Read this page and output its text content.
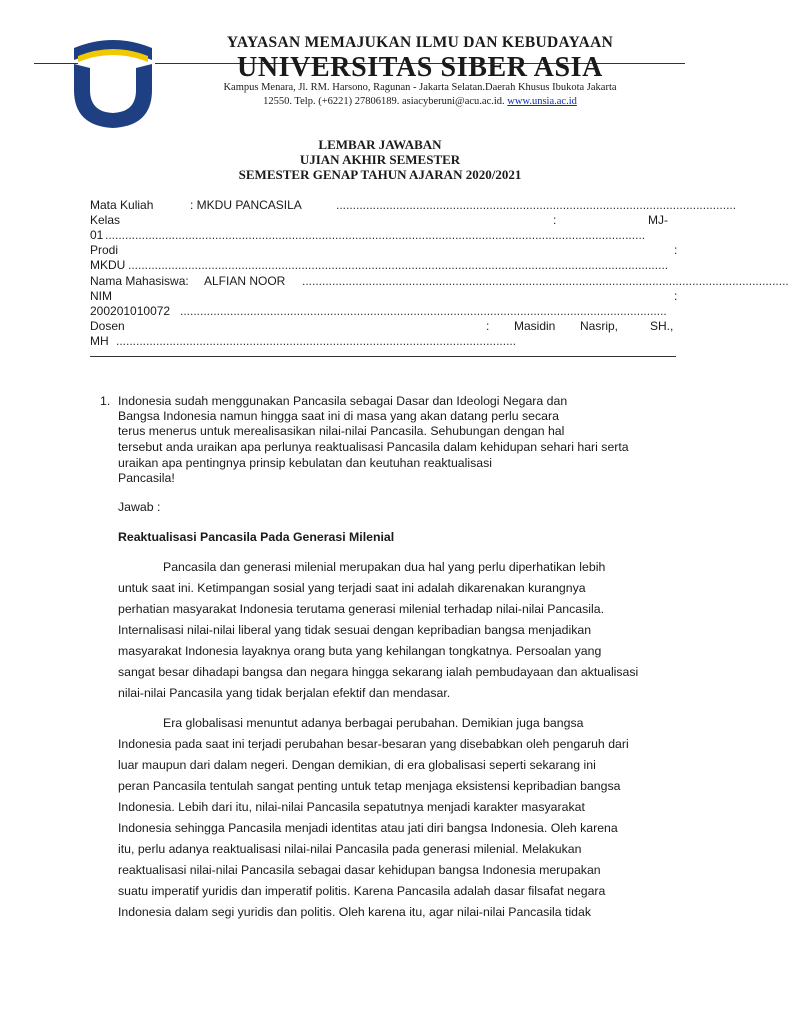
YAYASAN MEMAJUKAN ILMU DAN KEBUDAYAAN
UNIVERSITAS SIBER ASIA
Kampus Menara, Jl. RM. Harsono, Ragunan - Jakarta Selatan.Daerah Khusus Ibukota Jakarta
12550. Telp. (+6221) 27806189. asiacyberuni@acu.ac.id. www.unsia.ac.id
LEMBAR JAWABAN
UJIAN AKHIR SEMESTER
SEMESTER GENAP TAHUN AJARAN 2020/2021
Mata Kuliah	: MKDU PANCASILA	........................................................................................................................
Kelas	:	MJ-
01 ..................................................................................................................................................................
Prodi	:
MKDU ..................................................................................................................................................................
Nama Mahasiswa: ALFIAN NOOR ..................................................................................................................................................
NIM	:
200201010072 ..................................................................................................................................................
Dosen	: Masidin Nasrip,	SH.,
MH ........................................................................................................................
1. Indonesia sudah menggunakan Pancasila sebagai Dasar dan Ideologi Negara dan
Bangsa Indonesia namun hingga saat ini di masa yang akan datang perlu secara
terus menerus untuk merealisasikan nilai-nilai Pancasila. Sehubungan dengan hal
tersebut anda uraikan apa perlunya reaktualisasi Pancasila dalam kehidupan sehari hari serta
uraikan apa pentingnya prinsip kebulatan dan keutuhan reaktualisasi
Pancasila!
Jawab :
Reaktualisasi Pancasila Pada Generasi Milenial
Pancasila dan generasi milenial merupakan dua hal yang perlu diperhatikan lebih
untuk saat ini. Ketimpangan sosial yang terjadi saat ini adalah dikarenakan kurangnya
perhatian masyarakat Indonesia terutama generasi milenial terhadap nilai-nilai Pancasila.
Internalisasi nilai-nilai liberal yang tidak sesuai dengan kepribadian bangsa menjadikan
masyarakat Indonesia layaknya orang buta yang kehilangan tongkatnya. Persoalan yang
sangat besar dihadapi bangsa dan negara hingga sekarang ialah pembudayaan dan aktualisasi
nilai-nilai Pancasila yang tidak berjalan efektif dan mendasar.
Era globalisasi menuntut adanya berbagai perubahan. Demikian juga bangsa
Indonesia pada saat ini terjadi perubahan besar-besaran yang disebabkan oleh pengaruh dari
luar maupun dari dalam negeri. Dengan demikian, di era globalisasi seperti sekarang ini
peran Pancasila tentulah sangat penting untuk tetap menjaga eksistensi kepribadian bangsa
Indonesia. Lebih dari itu, nilai-nilai Pancasila sepatutnya menjadi karakter masyarakat
Indonesia sehingga Pancasila menjadi identitas atau jati diri bangsa Indonesia. Oleh karena
itu, perlu adanya reaktualisasi nilai-nilai Pancasila pada generasi milenial. Melakukan
reaktualisasi nilai-nilai Pancasila sebagai dasar kehidupan bangsa Indonesia merupakan
suatu imperatif yuridis dan imperatif politis. Karena Pancasila adalah dasar filsafat negara
Indonesia dalam segi yuridis dan politis. Oleh karena itu, agar nilai-nilai Pancasila tidak
